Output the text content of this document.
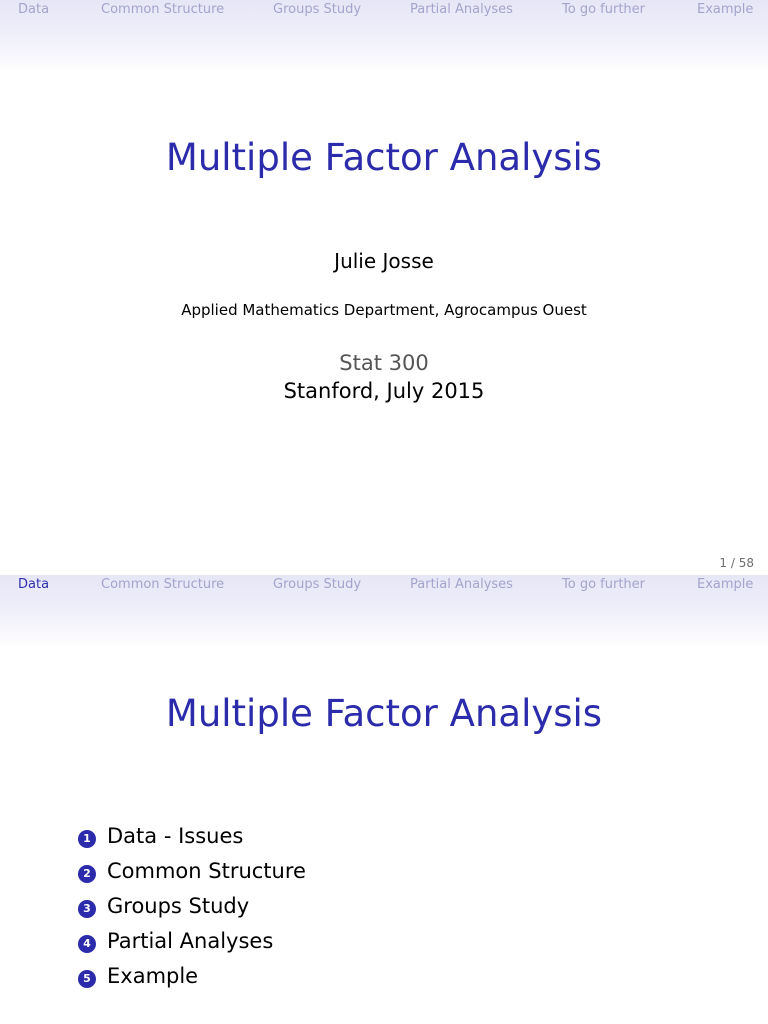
Data	Common Structure	Groups Study	Partial Analyses	To go further	Example
Multiple Factor Analysis
Julie Josse
Applied Mathematics Department, Agrocampus Ouest
Stat 300
Stanford, July 2015
1 / 58
Data	Common Structure	Groups Study	Partial Analyses	To go further	Example
Multiple Factor Analysis
1 Data - Issues
2 Common Structure
3 Groups Study
4 Partial Analyses
5 Example
